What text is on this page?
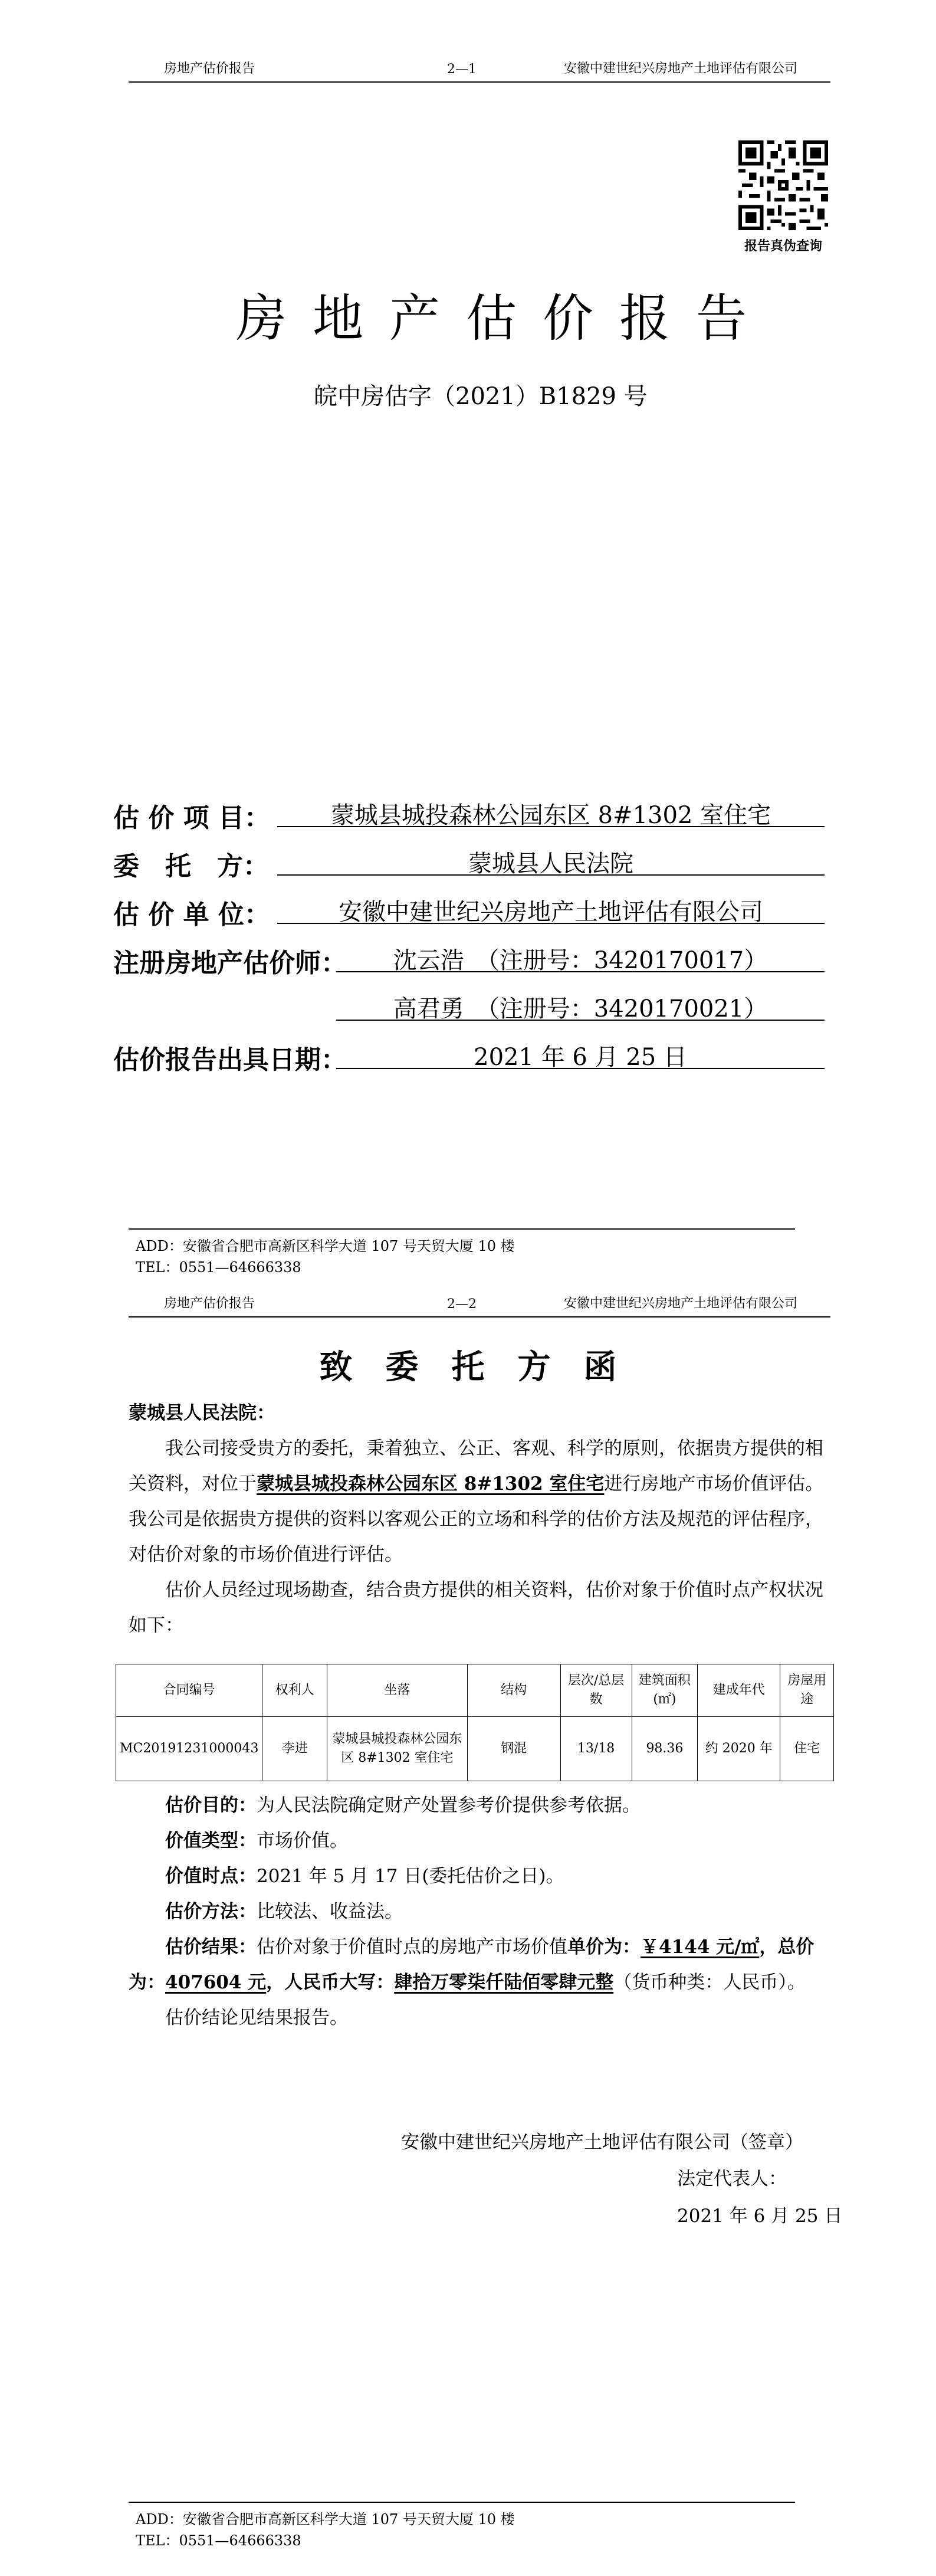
房地产估价报告	2—1	安徽中建世纪兴房地产土地评估有限公司
报告真伪查询
房地产估价报告
皖中房估字（2021）B1829 号
估 价 项 目：	蒙城县城投森林公园东区 8#1302 室住宅
委　托　方：	蒙城县人民法院
估 价 单 位：	安徽中建世纪兴房地产土地评估有限公司
注册房地产估价师：	沈云浩　（注册号：3420170017）
高君勇　（注册号：3420170021）
估价报告出具日期：	2021 年 6 月 25 日
ADD：安徽省合肥市高新区科学大道 107 号天贸大厦 10 楼
TEL：0551—64666338
房地产估价报告	2—2	安徽中建世纪兴房地产土地评估有限公司
致委托方函

蒙城县人民法院：

我公司接受贵方的委托，秉着独立、公正、客观、科学的原则，依据贵方提供的相关资料，对位于蒙城县城投森林公园东区 8#1302 室住宅进行房地产市场价值评估。我公司是依据贵方提供的资料以客观公正的立场和科学的估价方法及规范的评估程序，对估价对象的市场价值进行评估。

估价人员经过现场勘查，结合贵方提供的相关资料，估价对象于价值时点产权状况如下：

合同编号	权利人	坐落	结构	层次/总层数	建筑面积(㎡)	建成年代	房屋用途
MC20191231000043	李进	蒙城县城投森林公园东区 8#1302 室住宅	钢混	13/18	98.36	约 2020 年	住宅

估价目的：为人民法院确定财产处置参考价提供参考依据。

价值类型：市场价值。

价值时点：2021 年 5 月 17 日(委托估价之日)。

估价方法：比较法、收益法。

估价结果：估价对象于价值时点的房地产市场价值单价为：￥4144 元/㎡，总价为：407604 元，人民币大写：肆拾万零柒仟陆佰零肆元整（货币种类：人民币）。

估价结论见结果报告。

安徽中建世纪兴房地产土地评估有限公司（签章）
法定代表人：
2021 年 6 月 25 日
ADD：安徽省合肥市高新区科学大道 107 号天贸大厦 10 楼
TEL：0551—64666338
